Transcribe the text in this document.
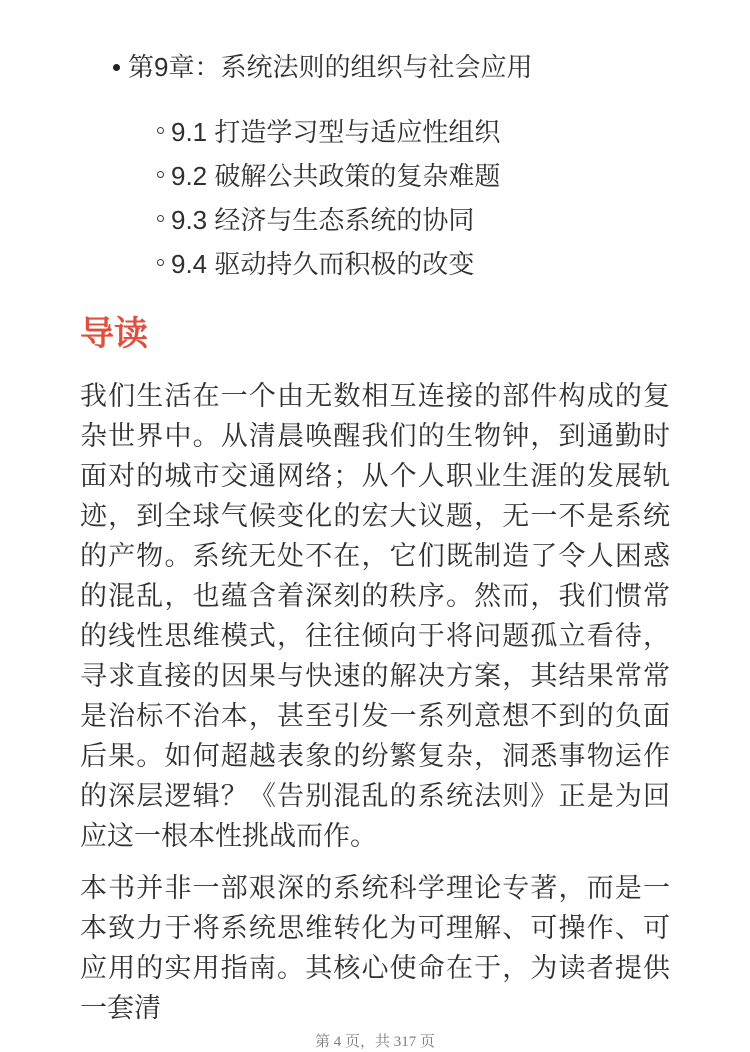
第9章：系统法则的组织与社会应用
9.1 打造学习型与适应性组织
9.2 破解公共政策的复杂难题
9.3 经济与生态系统的协同
9.4 驱动持久而积极的改变
导读

我们生活在一个由无数相互连接的部件构成的复杂世界中。从清晨唤醒我们的生物钟，到通勤时面对的城市交通网络；从个人职业生涯的发展轨迹，到全球气候变化的宏大议题，无一不是系统的产物。系统无处不在，它们既制造了令人困惑的混乱，也蕴含着深刻的秩序。然而，我们惯常的线性思维模式，往往倾向于将问题孤立看待，寻求直接的因果与快速的解决方案，其结果常常是治标不治本，甚至引发一系列意想不到的负面后果。如何超越表象的纷繁复杂，洞悉事物运作的深层逻辑？《告别混乱的系统法则》正是为回应这一根本性挑战而作。

本书并非一部艰深的系统科学理论专著，而是一本致力于将系统思维转化为可理解、可操作、可应用的实用指南。其核心使命在于，为读者提供一套清

第 4 页，共 317 页
